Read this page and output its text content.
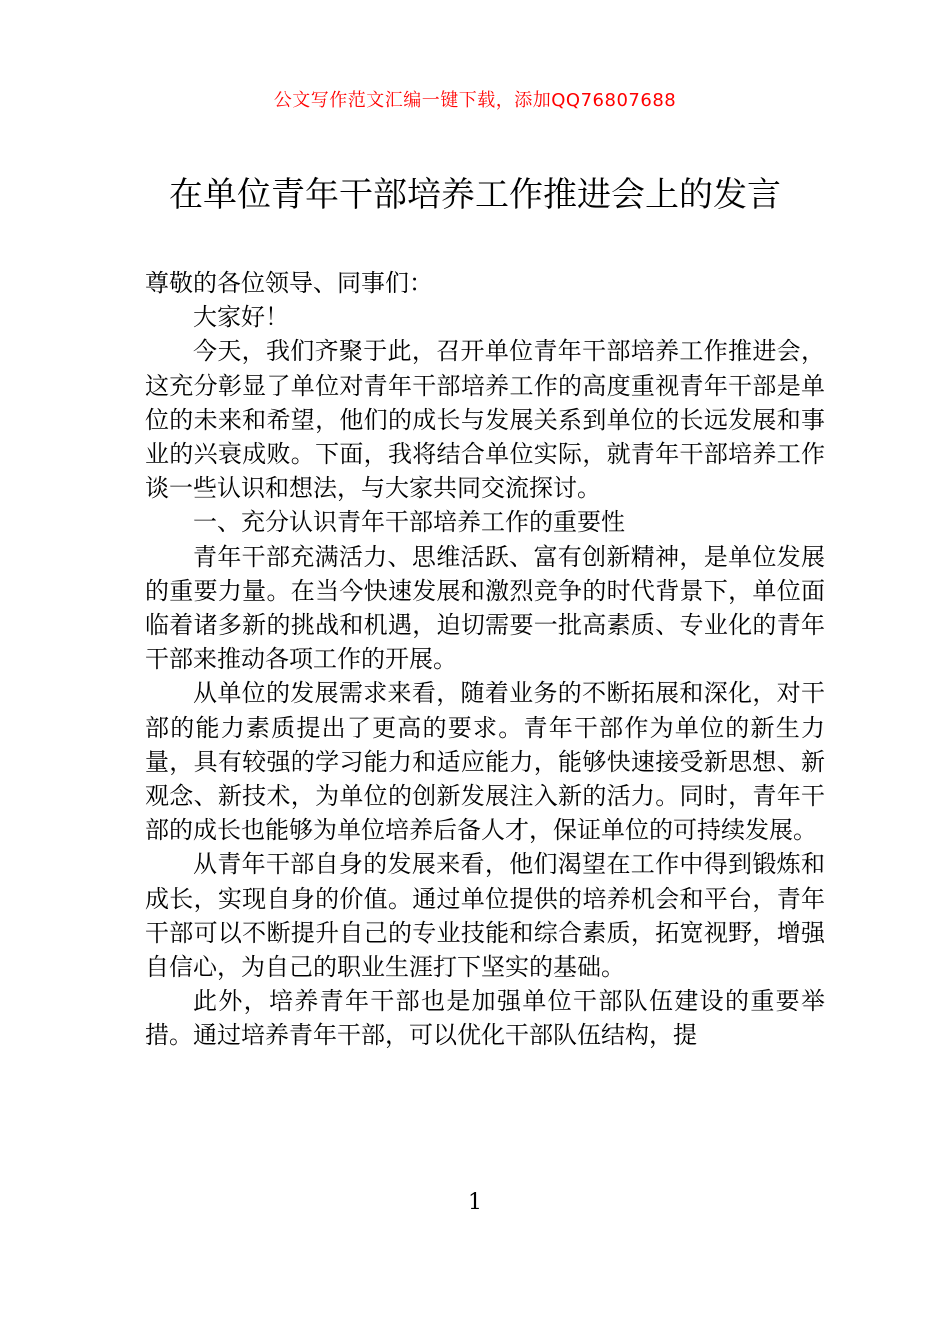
公文写作范文汇编一键下载，添加QQ76807688
在单位青年干部培养工作推进会上的发言

尊敬的各位领导、同事们：

大家好！

今天，我们齐聚于此，召开单位青年干部培养工作推进会，这充分彰显了单位对青年干部培养工作的高度重视青年干部是单位的未来和希望，他们的成长与发展关系到单位的长远发展和事业的兴衰成败。下面，我将结合单位实际，就青年干部培养工作谈一些认识和想法，与大家共同交流探讨。

一、充分认识青年干部培养工作的重要性

青年干部充满活力、思维活跃、富有创新精神，是单位发展的重要力量。在当今快速发展和激烈竞争的时代背景下，单位面临着诸多新的挑战和机遇，迫切需要一批高素质、专业化的青年干部来推动各项工作的开展。

从单位的发展需求来看，随着业务的不断拓展和深化，对干部的能力素质提出了更高的要求。青年干部作为单位的新生力量，具有较强的学习能力和适应能力，能够快速接受新思想、新观念、新技术，为单位的创新发展注入新的活力。同时，青年干部的成长也能够为单位培养后备人才，保证单位的可持续发展。

从青年干部自身的发展来看，他们渴望在工作中得到锻炼和成长，实现自身的价值。通过单位提供的培养机会和平台，青年干部可以不断提升自己的专业技能和综合素质，拓宽视野，增强自信心，为自己的职业生涯打下坚实的基础。

此外，培养青年干部也是加强单位干部队伍建设的重要举措。通过培养青年干部，可以优化干部队伍结构，提

1
